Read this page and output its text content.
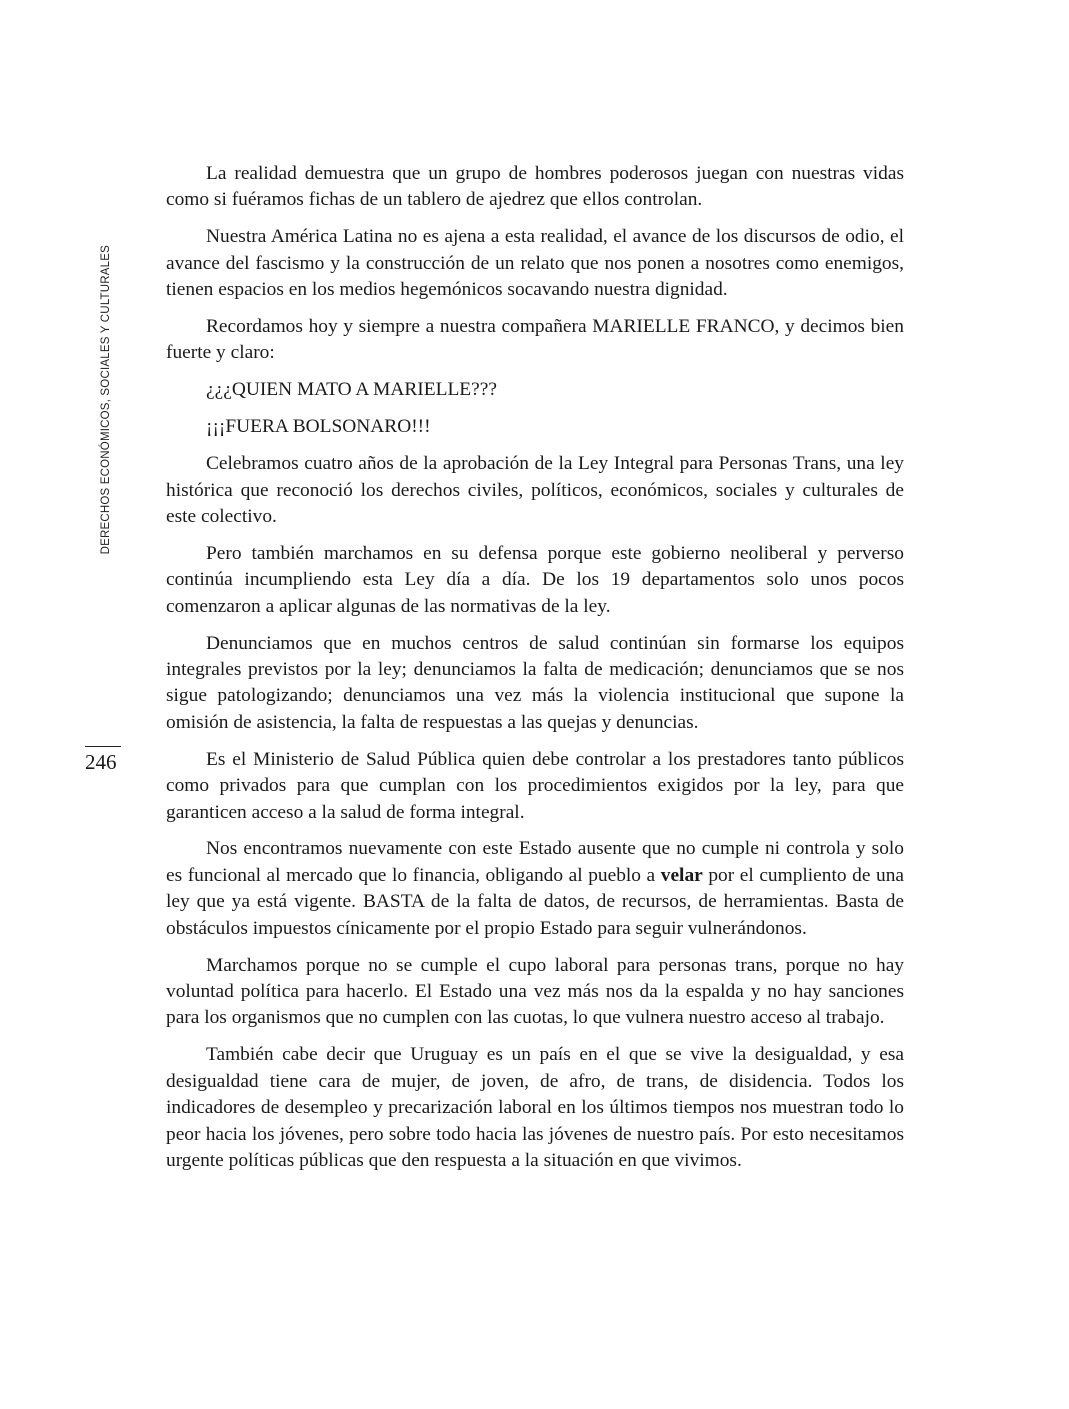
DERECHOS ECONÓMICOS, SOCIALES Y CULTURALES
246

La realidad demuestra que un grupo de hombres poderosos juegan con nuestras vidas como si fuéramos fichas de un tablero de ajedrez que ellos controlan.

Nuestra América Latina no es ajena a esta realidad, el avance de los discursos de odio, el avance del fascismo y la construcción de un relato que nos ponen a nosotres como enemigos, tienen espacios en los medios hegemónicos socavando nuestra dignidad.

Recordamos hoy y siempre a nuestra compañera MARIELLE FRANCO, y decimos bien fuerte y claro:

¿¿¿QUIEN MATO A MARIELLE???

¡¡¡FUERA BOLSONARO!!!

Celebramos cuatro años de la aprobación de la Ley Integral para Personas Trans, una ley histórica que reconoció los derechos civiles, políticos, económicos, sociales y culturales de este colectivo.

Pero también marchamos en su defensa porque este gobierno neoliberal y perverso continúa incumpliendo esta Ley día a día. De los 19 departamentos solo unos pocos comenzaron a aplicar algunas de las normativas de la ley.

Denunciamos que en muchos centros de salud continúan sin formarse los equipos integrales previstos por la ley; denunciamos la falta de medicación; denunciamos que se nos sigue patologizando; denunciamos una vez más la violencia institucional que supone la omisión de asistencia, la falta de respuestas a las quejas y denuncias.

Es el Ministerio de Salud Pública quien debe controlar a los prestadores tanto públicos como privados para que cumplan con los procedimientos exigidos por la ley, para que garanticen acceso a la salud de forma integral.

Nos encontramos nuevamente con este Estado ausente que no cumple ni controla y solo es funcional al mercado que lo financia, obligando al pueblo a velar por el cumpliento de una ley que ya está vigente. BASTA de la falta de datos, de recursos, de herramientas. Basta de obstáculos impuestos cínicamente por el propio Estado para seguir vulnerándonos.

Marchamos porque no se cumple el cupo laboral para personas trans, porque no hay voluntad política para hacerlo. El Estado una vez más nos da la espalda y no hay sanciones para los organismos que no cumplen con las cuotas, lo que vulnera nuestro acceso al trabajo.

También cabe decir que Uruguay es un país en el que se vive la desigualdad, y esa desigualdad tiene cara de mujer, de joven, de afro, de trans, de disidencia. Todos los indicadores de desempleo y precarización laboral en los últimos tiempos nos muestran todo lo peor hacia los jóvenes, pero sobre todo hacia las jóvenes de nuestro país. Por esto necesitamos urgente políticas públicas que den respuesta a la situación en que vivimos.
